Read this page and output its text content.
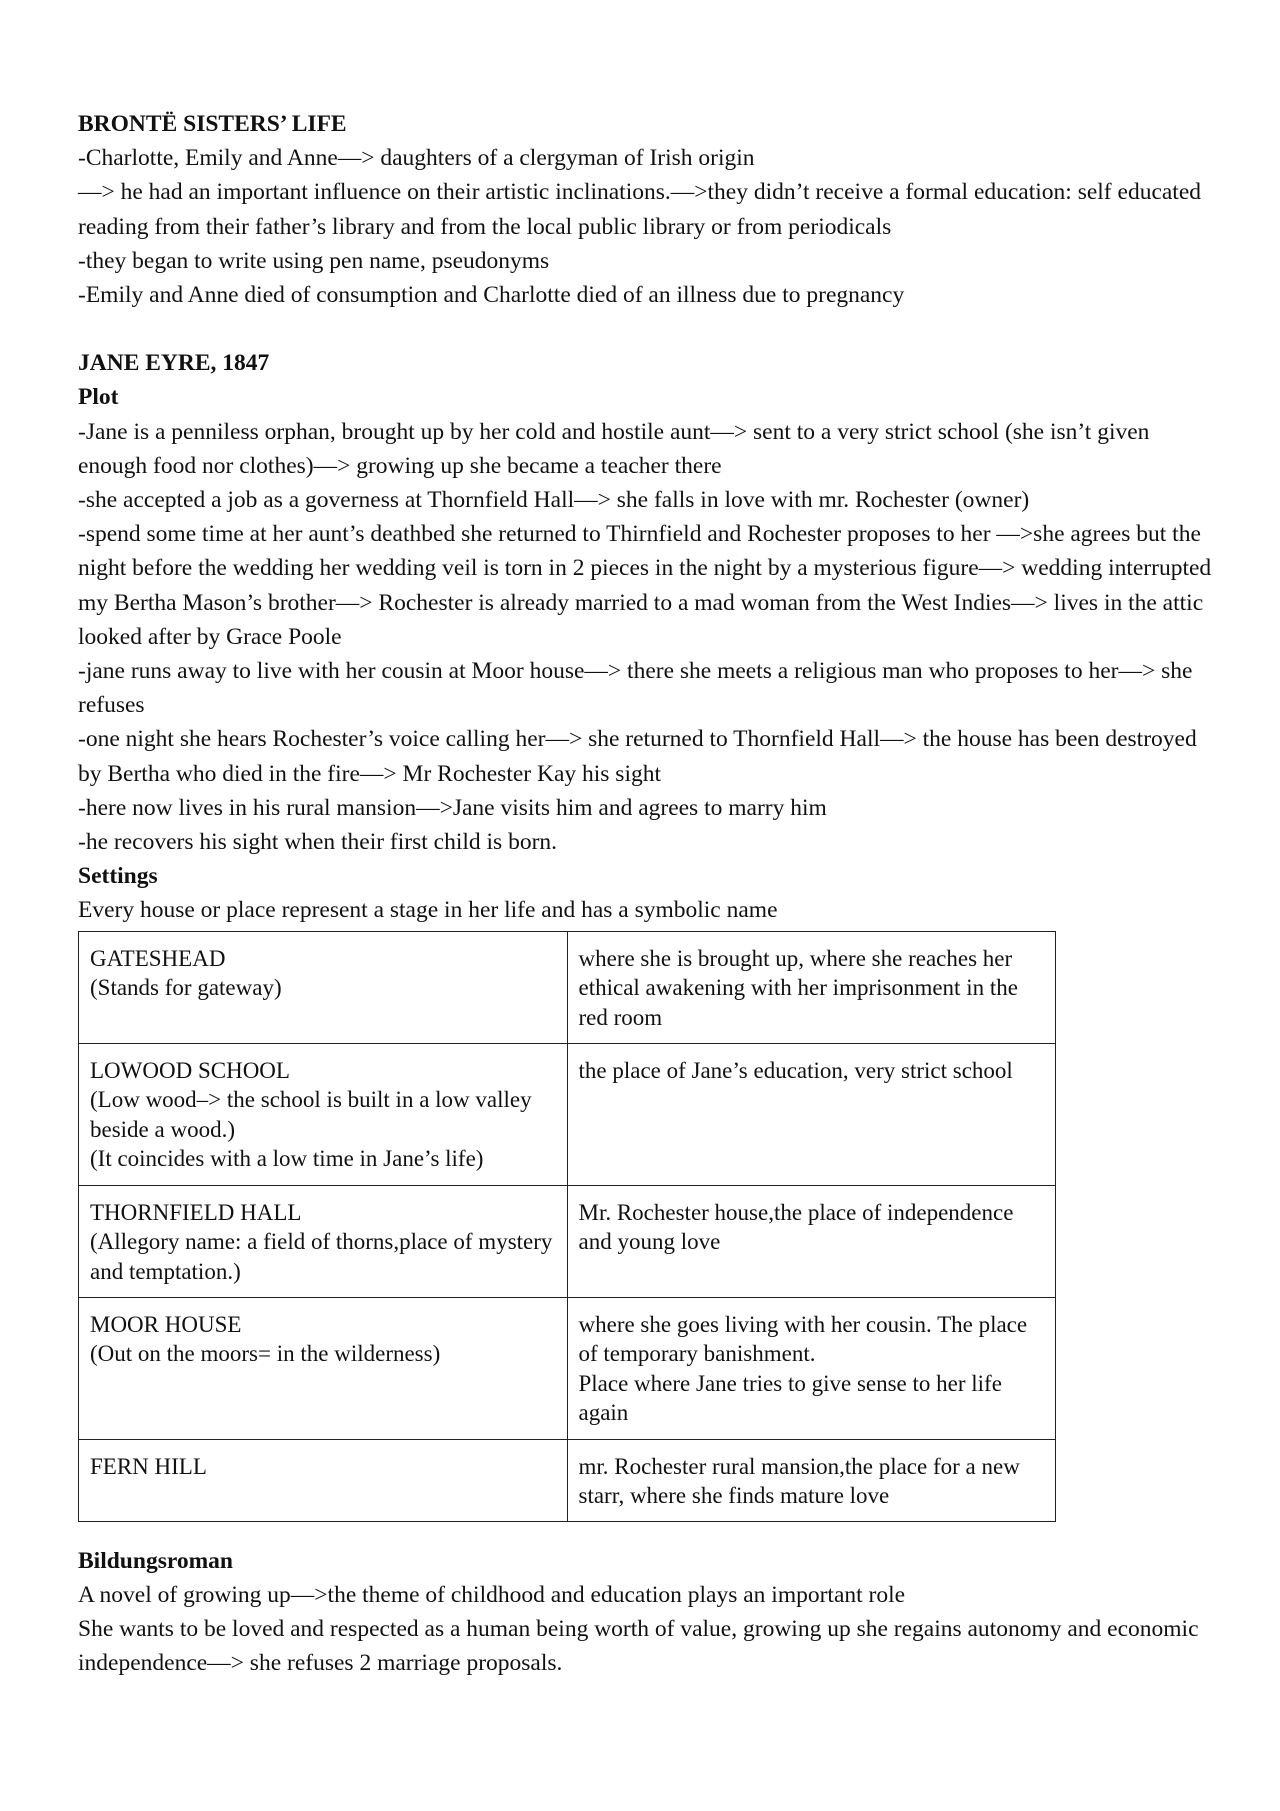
BRONTË SISTERS’ LIFE
-Charlotte, Emily and Anne—> daughters of a clergyman of Irish origin
—> he had an important influence on their artistic inclinations.—>they didn’t receive a formal education: self educated reading from their father’s library and from the local public library or from periodicals
-they began to write using pen name, pseudonyms
-Emily and Anne died of consumption and Charlotte died of an illness due to pregnancy
JANE EYRE, 1847
Plot
-Jane is a penniless orphan, brought up by her cold and hostile aunt—> sent to a very strict school (she isn’t given enough food nor clothes)—> growing up she became a teacher there
-she accepted a job as a governess at Thornfield Hall—> she falls in love with mr. Rochester (owner)
-spend some time at her aunt’s deathbed she returned to Thirnfield and Rochester proposes to her —>she agrees but the night before the wedding her wedding veil is torn in 2 pieces in the night by a mysterious figure—> wedding interrupted my Bertha Mason’s brother—> Rochester is already married to a mad woman from the West Indies—> lives in the attic looked after by Grace Poole
-jane runs away to live with her cousin at Moor house—> there she meets a religious man who proposes to her—> she refuses
-one night she hears Rochester’s voice calling her—> she returned to Thornfield Hall—> the house has been destroyed by Bertha who died in the fire—> Mr Rochester Kay his sight
-here now lives in his rural mansion—>Jane visits him and agrees to marry him
-he recovers his sight when their first child is born.
Settings
Every house or place represent a stage in her life and has a symbolic name
GATESHEAD
(Stands for gateway)	where she is brought up, where she reaches her ethical awakening with her imprisonment in the red room

LOWOOD SCHOOL
(Low wood–> the school is built in a low valley beside a wood.)
(It coincides with a low time in Jane’s life)	the place of Jane’s education, very strict school

THORNFIELD HALL
(Allegory name: a field of thorns,place of mystery and temptation.)	Mr. Rochester house,the place of independence and young love

MOOR HOUSE
(Out on the moors= in the wilderness)	where she goes living with her cousin. The place of temporary banishment.
Place where Jane tries to give sense to her life again

FERN HILL	mr. Rochester rural mansion,the place for a new starr, where she finds mature love
Bildungsroman
A novel of growing up—>the theme of childhood and education plays an important role
She wants to be loved and respected as a human being worth of value, growing up she regains autonomy and economic independence—> she refuses 2 marriage proposals.
